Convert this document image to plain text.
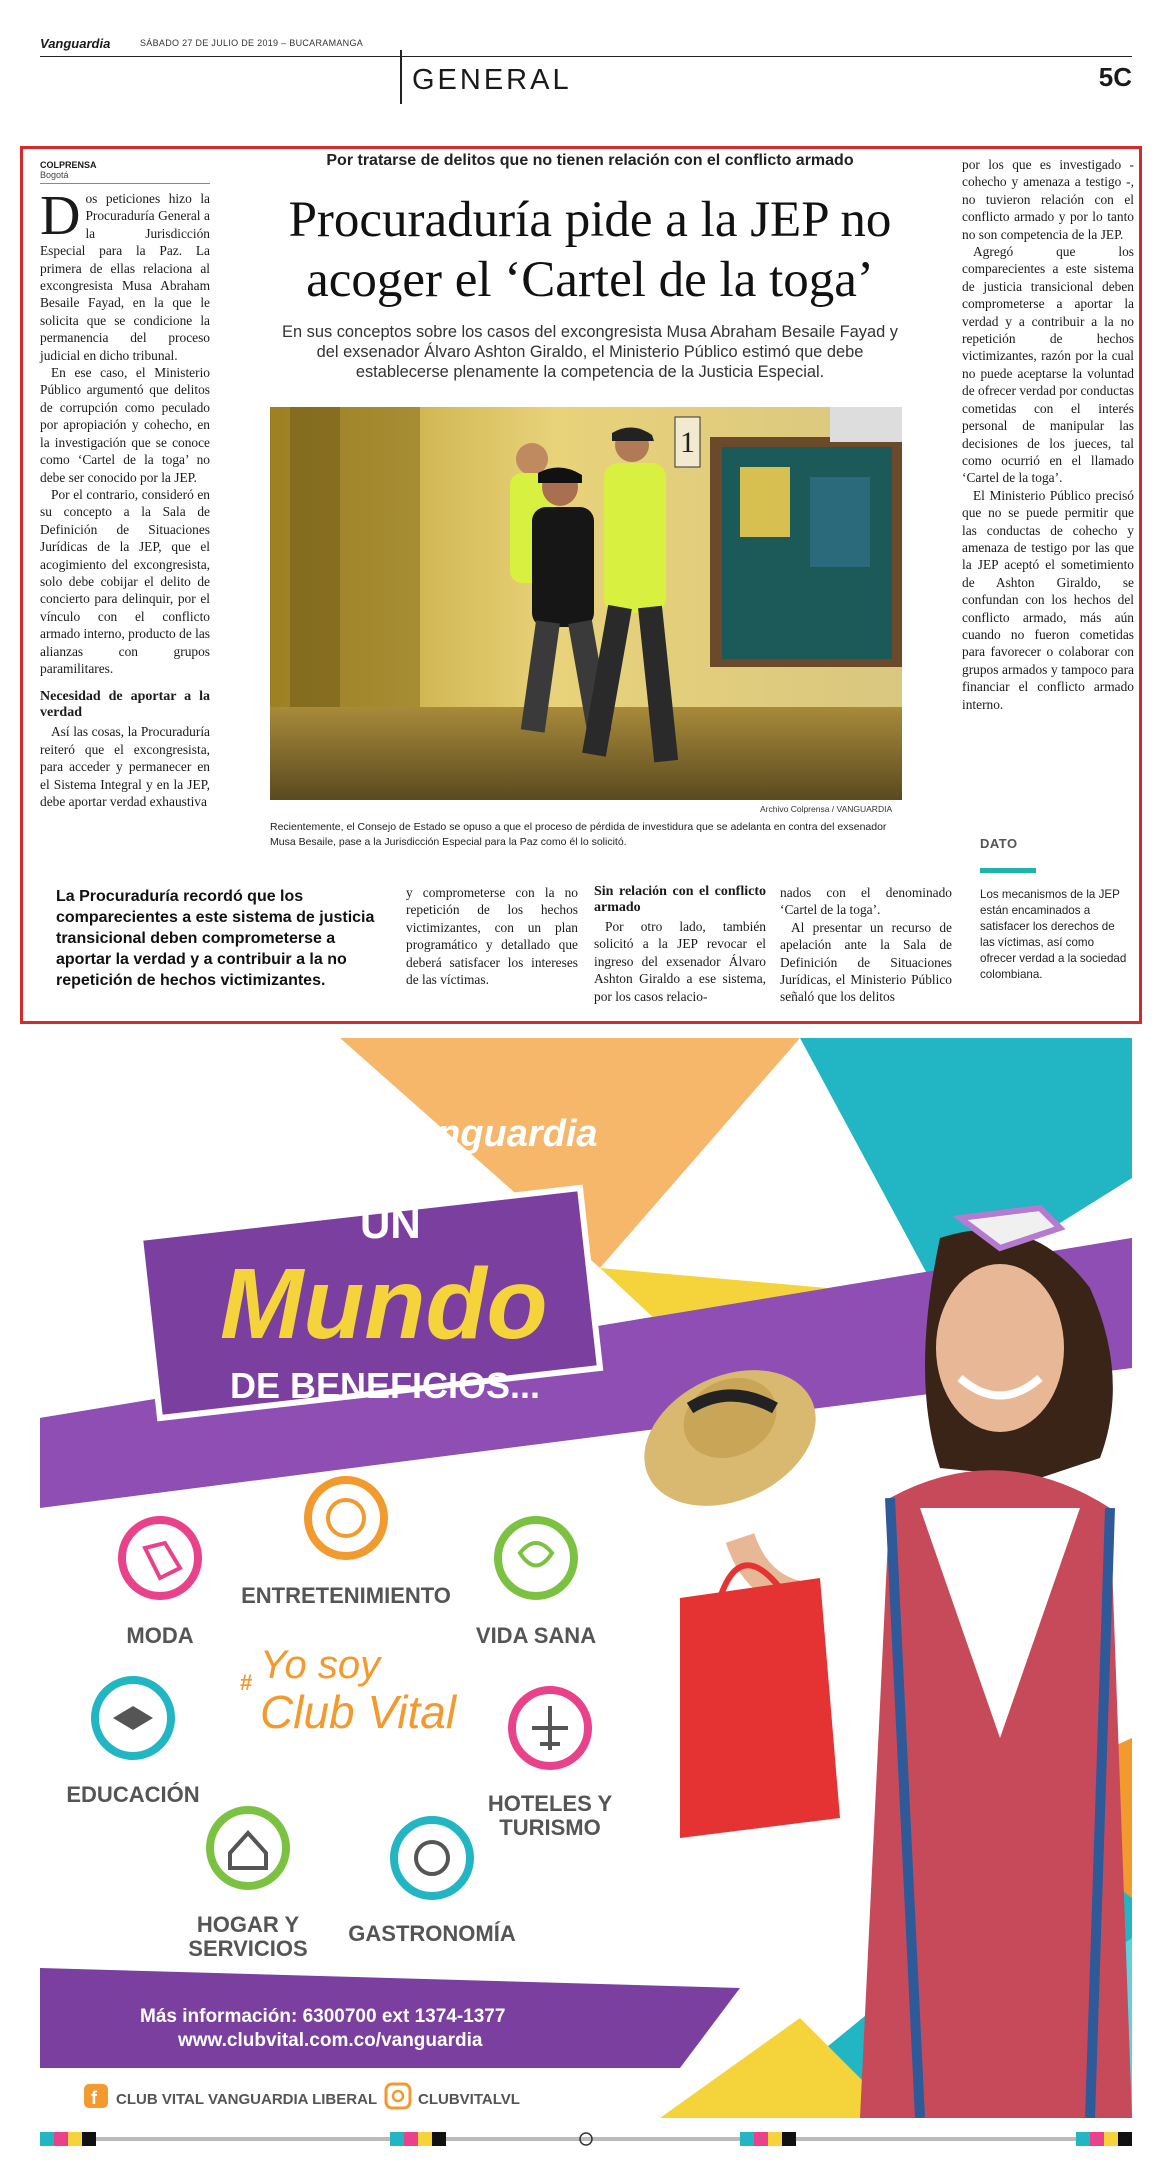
Vanguardia	SÁBADO 27 DE JULIO DE 2019 – BUCARAMANGA
GENERAL	5C
COLPRENSA
Bogotá

Dos peticiones hizo la Procuraduría General a la Jurisdicción Especial para la Paz. La primera de ellas relaciona al excongresista Musa Abraham Besaile Fayad, en la que le solicita que se condicione la permanencia del proceso judicial en dicho tribunal.

En ese caso, el Ministerio Público argumentó que delitos de corrupción como peculado por apropiación y cohecho, en la investigación que se conoce como ‘Cartel de la toga’ no debe ser conocido por la JEP.

Por el contrario, consideró en su concepto a la Sala de Definición de Situaciones Jurídicas de la JEP, que el acogimiento del excongresista, solo debe cobijar el delito de concierto para delinquir, por el vínculo con el conflicto armado interno, producto de las alianzas con grupos paramilitares.

Necesidad de aportar a la verdad

Así las cosas, la Procuraduría reiteró que el excongresista, para acceder y permanecer en el Sistema Integral y en la JEP, debe aportar verdad exhaustiva

Por tratarse de delitos que no tienen relación con el conflicto armado
Procuraduría pide a la JEP no
acoger el ‘Cartel de la toga’
En sus conceptos sobre los casos del excongresista Musa Abraham Besaile Fayad y del exsenador Álvaro Ashton Giraldo, el Ministerio Público estimó que debe establecerse plenamente la competencia de la Justicia Especial.
1
Archivo Colprensa / VANGUARDIA
Recientemente, el Consejo de Estado se opuso a que el proceso de pérdida de investidura que se adelanta en contra del exsenador Musa Besaile, pase a la Jurisdicción Especial para la Paz como él lo solicitó.

por los que es investigado - cohecho y amenaza a testigo -, no tuvieron relación con el conflicto armado y por lo tanto no son competencia de la JEP.

Agregó que los comparecientes a este sistema de justicia transicional deben comprometerse a aportar la verdad y a contribuir a la no repetición de hechos victimizantes, razón por la cual no puede aceptarse la voluntad de ofrecer verdad por conductas cometidas con el interés personal de manipular las decisiones de los jueces, tal como ocurrió en el llamado ‘Cartel de la toga’.

El Ministerio Público precisó que no se puede permitir que las conductas de cohecho y amenaza de testigo por las que la JEP aceptó el sometimiento de Ashton Giraldo, se confundan con los hechos del conflicto armado, más aún cuando no fueron cometidas para favorecer o colaborar con grupos armados y tampoco para financiar el conflicto armado interno.

DATO
Los mecanismos de la JEP están encaminados a satisfacer los derechos de las víctimas, así como ofrecer verdad a la sociedad colombiana.
La Procuraduría recordó que los comparecientes a este sistema de justicia transicional deben comprometerse a aportar la verdad y a contribuir a la no repetición de hechos victimizantes.

y comprometerse con la no repetición de los hechos victimizantes, con un plan programático y detallado que deberá satisfacer los intereses de las víctimas.

Sin relación con el conflicto armado

Por otro lado, también solicitó a la JEP revocar el ingreso del exsenador Álvaro Ashton Giraldo a ese sistema, por los casos relacio-

nados con el denominado ‘Cartel de la toga’.

Al presentar un recurso de apelación ante la Sala de Definición de Situaciones Jurídicas, el Ministerio Público señaló que los delitos

cv Clubvital
SUSCRIPTORES
Vanguardia
UN
Mundo
DE BENEFICIOS...
MODA
ENTRETENIMIENTO
VIDA SANA
EDUCACIÓN	HOTELES Y
TURISMO
HOGAR Y
SERVICIOS
GASTRONOMÍA
# Yo soy
Club Vital
Más información: 6300700 ext 1374-1377
www.clubvital.com.co/vanguardia
f CLUB VITAL VANGUARDIA LIBERAL	CLUBVITALVL
